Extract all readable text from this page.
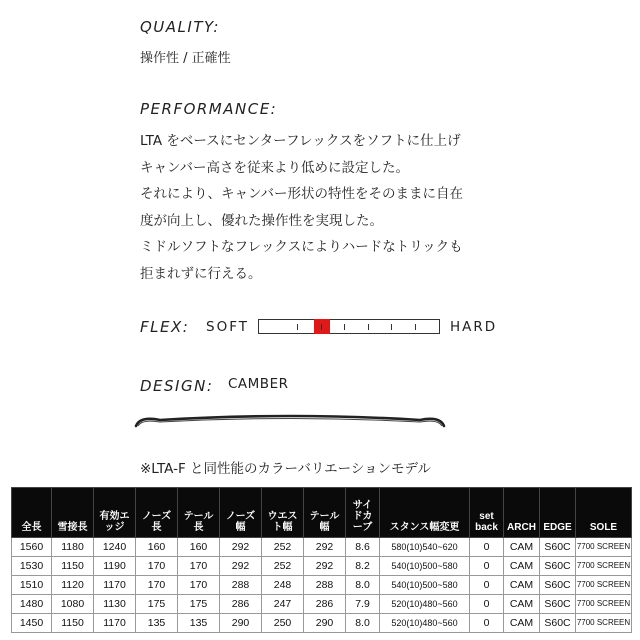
QUALITY:
操作性 / 正確性
PERFORMANCE:
LTA をベースにセンターフレックスをソフトに仕上げ
キャンバー高さを従来より低めに設定した。
それにより、キャンバー形状の特性をそのままに自在
度が向上し、優れた操作性を実現した。
ミドルソフトなフレックスによりハードなトリックも
拒まれずに行える。
FLEX: SOFT	HARD
DESIGN: CAMBER
※LTA-F と同性能のカラーバリエーションモデル
全長	雪接長	有効エッジ	ノーズ長	テール長	ノーズ幅	ウエスト幅	テール幅	サイドカーブ	スタンス幅変更	set back	ARCH	EDGE	SOLE
1560	1180	1240	160	160	292	252	292	8.6	580(10)540~620	0	CAM	S60C	7700 SCREEN
1530	1150	1190	170	170	292	252	292	8.2	540(10)500~580	0	CAM	S60C	7700 SCREEN
1510	1120	1170	170	170	288	248	288	8.0	540(10)500~580	0	CAM	S60C	7700 SCREEN
1480	1080	1130	175	175	286	247	286	7.9	520(10)480~560	0	CAM	S60C	7700 SCREEN
1450	1150	1170	135	135	290	250	290	8.0	520(10)480~560	0	CAM	S60C	7700 SCREEN
